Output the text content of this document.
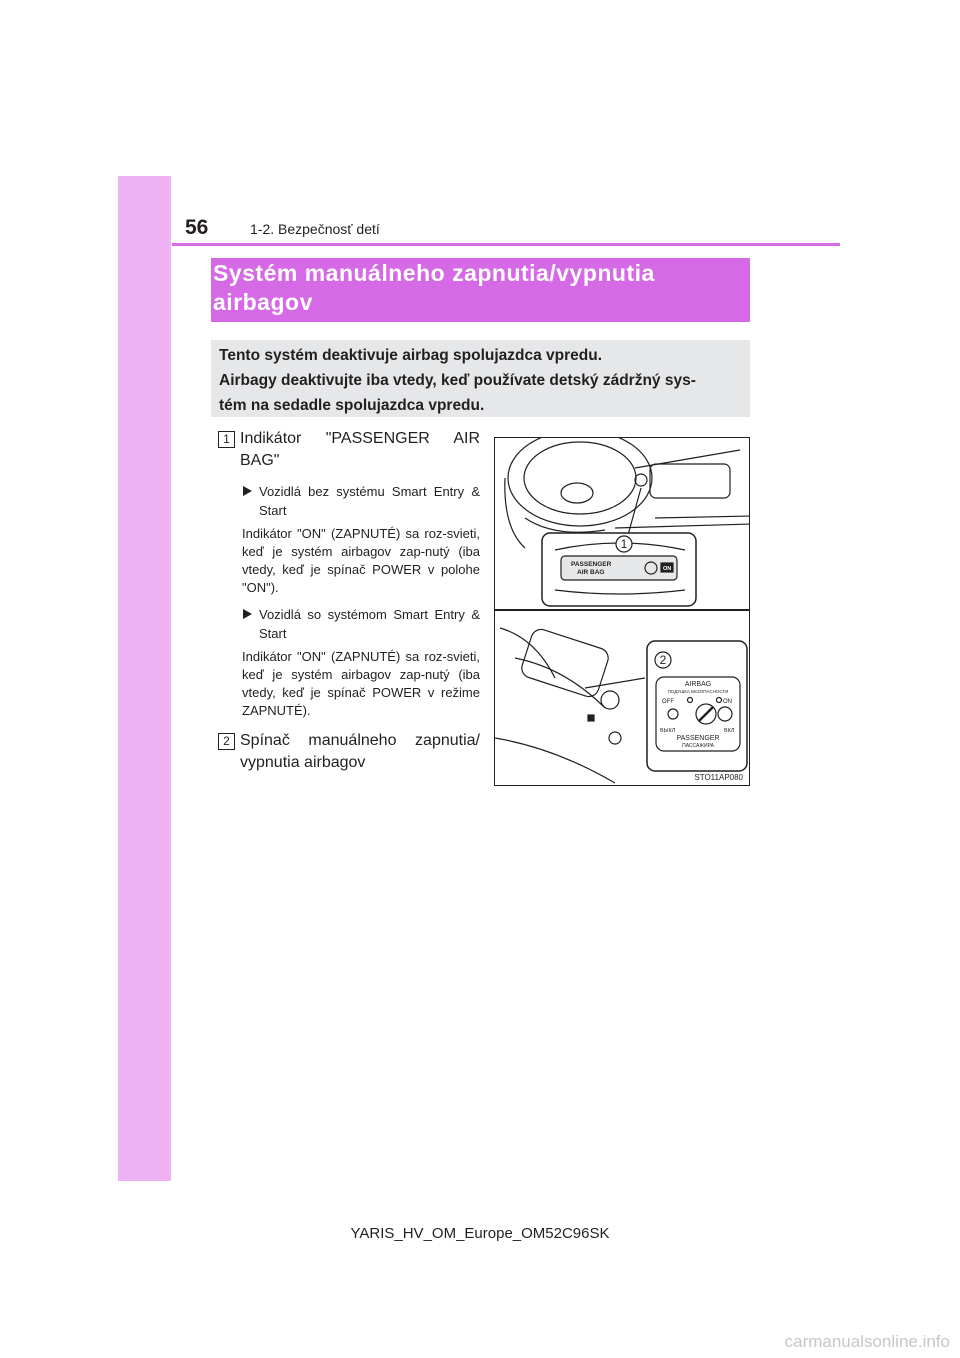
56	1-2. Bezpečnosť detí
Systém manuálneho zapnutia/vypnutia
airbagov
Tento systém deaktivuje airbag spolujazdca vpredu.
Airbagy deaktivujte iba vtedy, keď používate detský zádržný sys-
tém na sedadle spolujazdca vpredu.
1 Indikátor "PASSENGER AIR BAG"
Vozidlá bez systému Smart Entry & Start
Indikátor "ON" (ZAPNUTÉ) sa roz-svieti, keď je systém airbagov zap-nutý (iba vtedy, keď je spínač POWER v polohe "ON").
Vozidlá so systémom Smart Entry & Start
Indikátor "ON" (ZAPNUTÉ) sa roz-svieti, keď je systém airbagov zap-nutý (iba vtedy, keď je spínač POWER v režime ZAPNUTÉ).
2 Spínač manuálneho zapnutia/ vypnutia airbagov
1
2
PASSENGER
AIR BAG	ON
AIRBAG
ПОДУШКА БЕЗОПАСНОСТИ
OFF	ON
ВЫКЛ	ВКЛ
PASSENGER
ПАССАЖИРА
STO11AP080
YARIS_HV_OM_Europe_OM52C96SK
carmanualsonline.info
